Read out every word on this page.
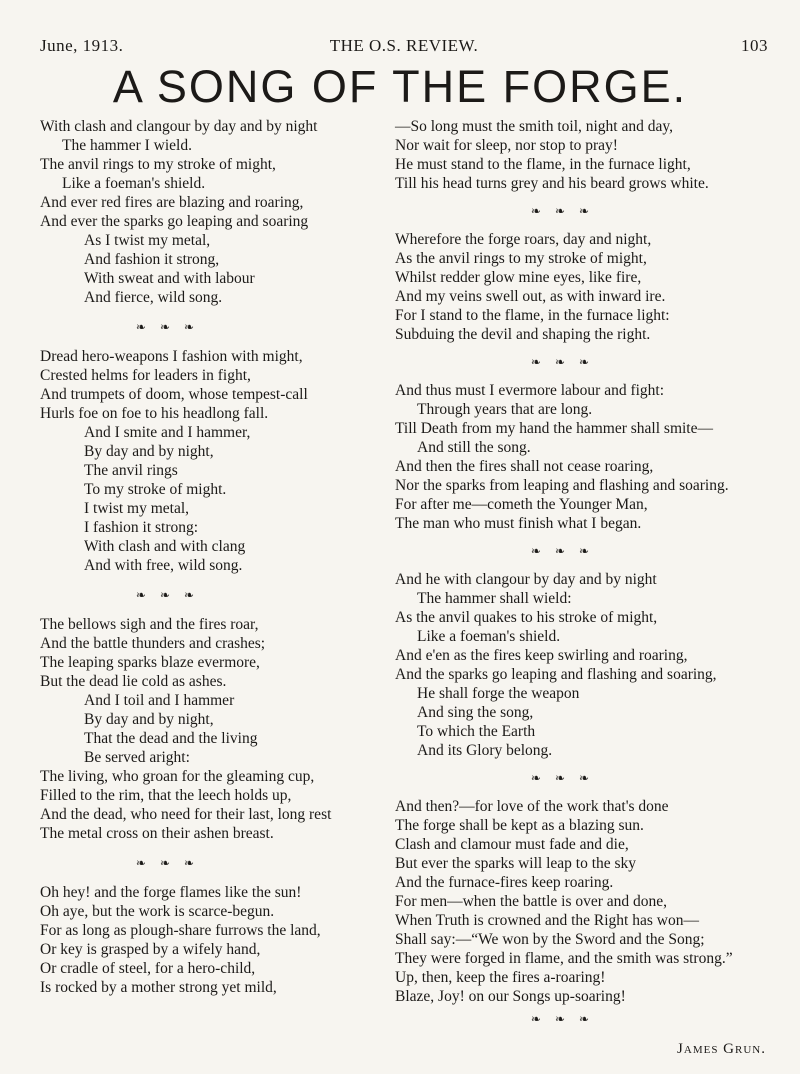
June, 1913.	THE O.S. REVIEW.	103
A SONG OF THE FORGE.
With clash and clangour by day and by night
The hammer I wield.
The anvil rings to my stroke of might,
Like a foeman's shield.
And ever red fires are blazing and roaring,
And ever the sparks go leaping and soaring
As I twist my metal,
And fashion it strong,
With sweat and with labour
And fierce, wild song.
❧ ❧ ❧
Dread hero-weapons I fashion with might,
Crested helms for leaders in fight,
And trumpets of doom, whose tempest-call
Hurls foe on foe to his headlong fall.
And I smite and I hammer,
By day and by night,
The anvil rings
To my stroke of might.
I twist my metal,
I fashion it strong:
With clash and with clang
And with free, wild song.
❧ ❧ ❧
The bellows sigh and the fires roar,
And the battle thunders and crashes;
The leaping sparks blaze evermore,
But the dead lie cold as ashes.
And I toil and I hammer
By day and by night,
That the dead and the living
Be served aright:
The living, who groan for the gleaming cup,
Filled to the rim, that the leech holds up,
And the dead, who need for their last, long rest
The metal cross on their ashen breast.
❧ ❧ ❧
Oh hey! and the forge flames like the sun!
Oh aye, but the work is scarce-begun.
For as long as plough-share furrows the land,
Or key is grasped by a wifely hand,
Or cradle of steel, for a hero-child,
Is rocked by a mother strong yet mild,
—So long must the smith toil, night and day,
Nor wait for sleep, nor stop to pray!
He must stand to the flame, in the furnace light,
Till his head turns grey and his beard grows white.
❧ ❧ ❧
Wherefore the forge roars, day and night,
As the anvil rings to my stroke of might,
Whilst redder glow mine eyes, like fire,
And my veins swell out, as with inward ire.
For I stand to the flame, in the furnace light:
Subduing the devil and shaping the right.
❧ ❧ ❧
And thus must I evermore labour and fight:
Through years that are long.
Till Death from my hand the hammer shall smite—
And still the song.
And then the fires shall not cease roaring,
Nor the sparks from leaping and flashing and soaring.
For after me—cometh the Younger Man,
The man who must finish what I began.
❧ ❧ ❧
And he with clangour by day and by night
The hammer shall wield:
As the anvil quakes to his stroke of might,
Like a foeman's shield.
And e'en as the fires keep swirling and roaring,
And the sparks go leaping and flashing and soaring,
He shall forge the weapon
And sing the song,
To which the Earth
And its Glory belong.
❧ ❧ ❧
And then?—for love of the work that's done
The forge shall be kept as a blazing sun.
Clash and clamour must fade and die,
But ever the sparks will leap to the sky
And the furnace-fires keep roaring.
For men—when the battle is over and done,
When Truth is crowned and the Right has won—
Shall say:—“We won by the Sword and the Song;
They were forged in flame, and the smith was strong.”
Up, then, keep the fires a-roaring!
Blaze, Joy! on our Songs up-soaring!
❧ ❧ ❧
James Grun.
